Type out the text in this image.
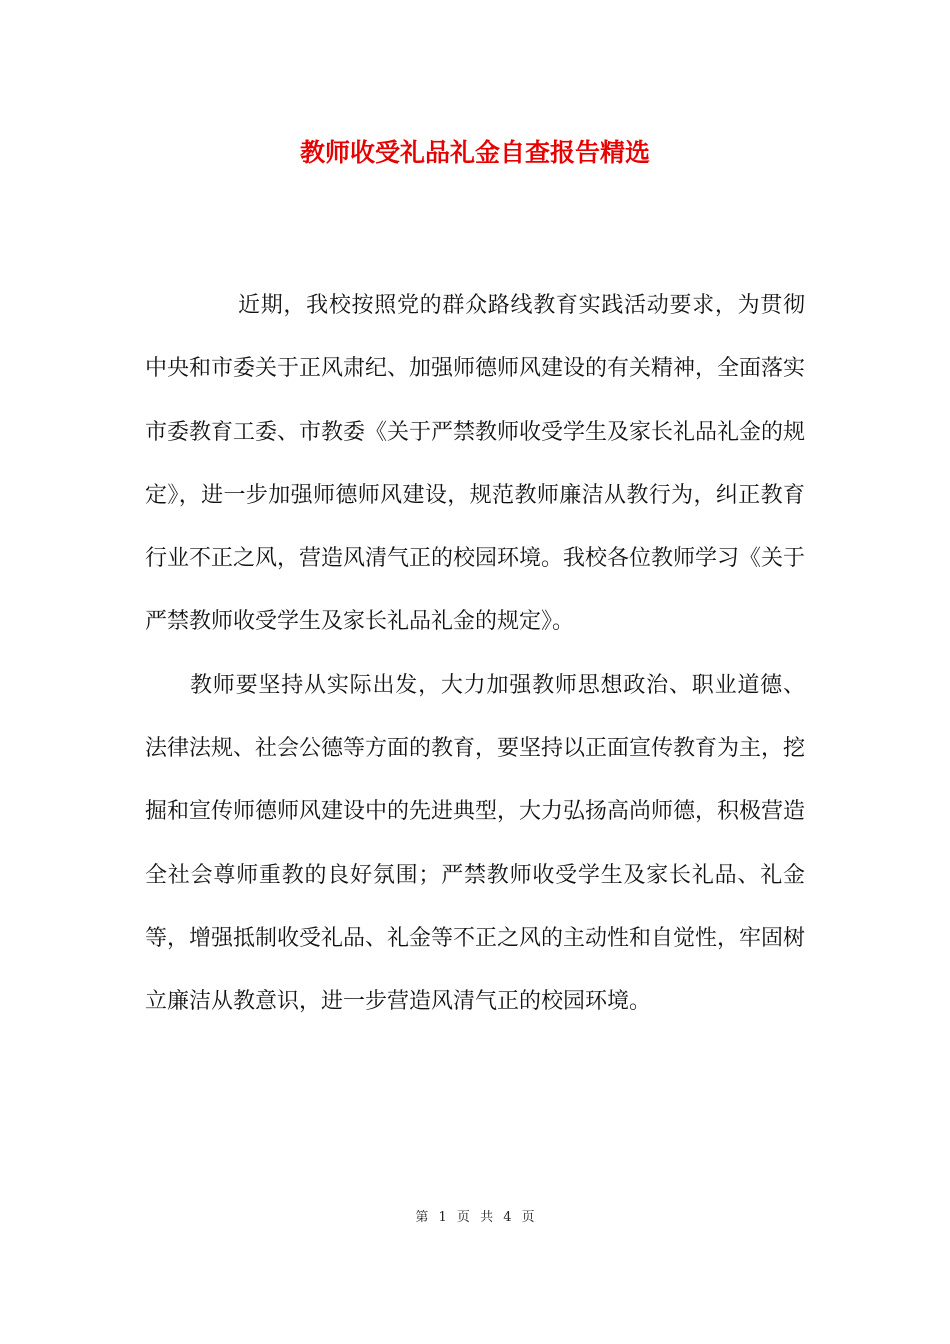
教师收受礼品礼金自查报告精选

近期，我校按照党的群众路线教育实践活动要求，为贯彻中央和市委关于正风肃纪、加强师德师风建设的有关精神，全面落实市委教育工委、市教委《关于严禁教师收受学生及家长礼品礼金的规定》，进一步加强师德师风建设，规范教师廉洁从教行为，纠正教育行业不正之风，营造风清气正的校园环境。我校各位教师学习《关于严禁教师收受学生及家长礼品礼金的规定》。

教师要坚持从实际出发，大力加强教师思想政治、职业道德、法律法规、社会公德等方面的教育，要坚持以正面宣传教育为主，挖掘和宣传师德师风建设中的先进典型，大力弘扬高尚师德，积极营造全社会尊师重教的良好氛围；严禁教师收受学生及家长礼品、礼金等，增强抵制收受礼品、礼金等不正之风的主动性和自觉性，牢固树立廉洁从教意识，进一步营造风清气正的校园环境。

第 1 页 共 4 页
